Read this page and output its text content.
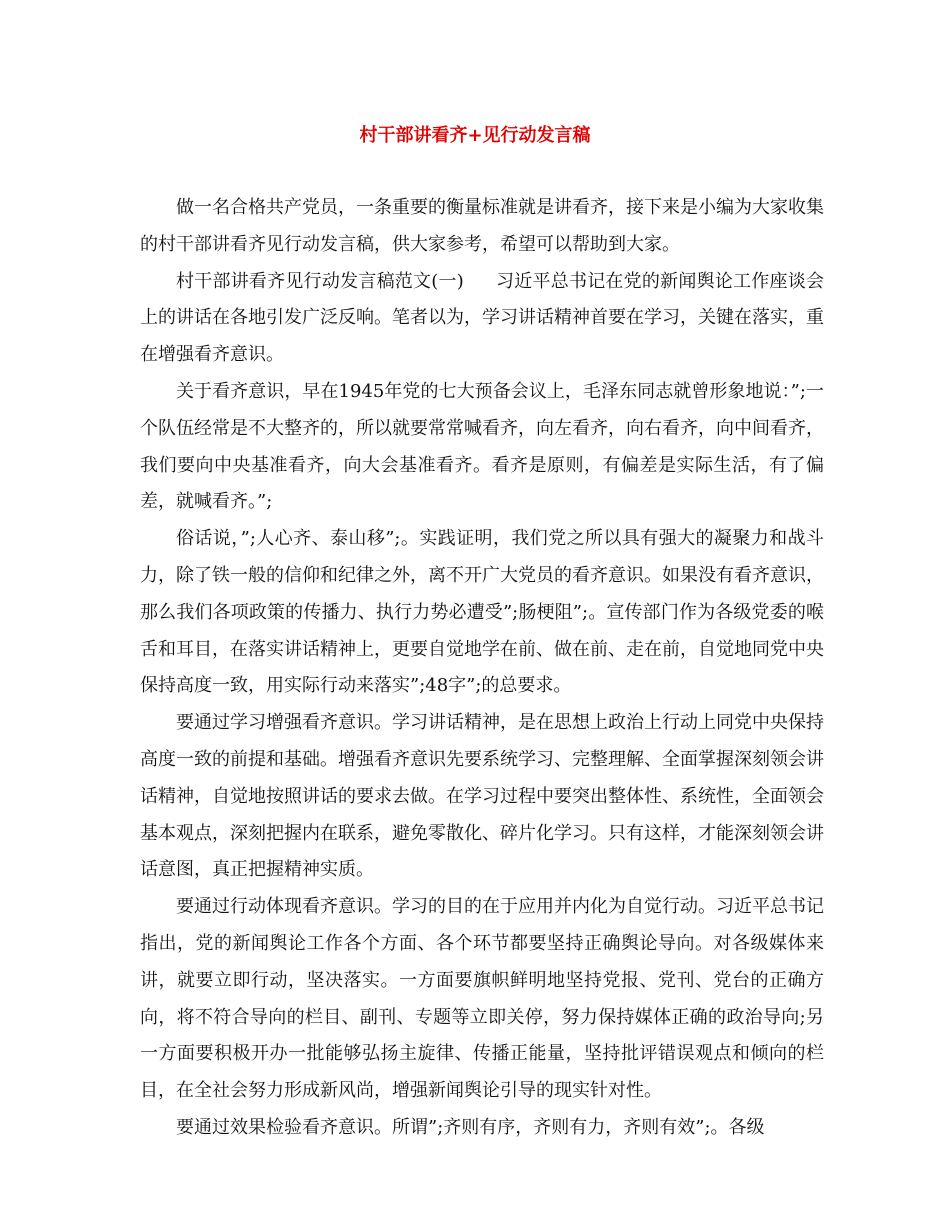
村干部讲看齐+见行动发言稿

做一名合格共产党员，一条重要的衡量标准就是讲看齐，接下来是小编为大家收集的村干部讲看齐见行动发言稿，供大家参考，希望可以帮助到大家。

村干部讲看齐见行动发言稿范文(一) 习近平总书记在党的新闻舆论工作座谈会上的讲话在各地引发广泛反响。笔者以为，学习讲话精神首要在学习，关键在落实，重在增强看齐意识。

关于看齐意识，早在1945年党的七大预备会议上，毛泽东同志就曾形象地说：”;一个队伍经常是不大整齐的，所以就要常常喊看齐，向左看齐，向右看齐，向中间看齐，我们要向中央基准看齐，向大会基准看齐。看齐是原则，有偏差是实际生活，有了偏差，就喊看齐。”;

俗话说，”;人心齐、泰山移”;。实践证明，我们党之所以具有强大的凝聚力和战斗力，除了铁一般的信仰和纪律之外，离不开广大党员的看齐意识。如果没有看齐意识，那么我们各项政策的传播力、执行力势必遭受”;肠梗阻”;。宣传部门作为各级党委的喉舌和耳目，在落实讲话精神上，更要自觉地学在前、做在前、走在前，自觉地同党中央保持高度一致，用实际行动来落实”;48字”;的总要求。

要通过学习增强看齐意识。学习讲话精神，是在思想上政治上行动上同党中央保持高度一致的前提和基础。增强看齐意识先要系统学习、完整理解、全面掌握深刻领会讲话精神，自觉地按照讲话的要求去做。在学习过程中要突出整体性、系统性，全面领会基本观点，深刻把握内在联系，避免零散化、碎片化学习。只有这样，才能深刻领会讲话意图，真正把握精神实质。

要通过行动体现看齐意识。学习的目的在于应用并内化为自觉行动。习近平总书记指出，党的新闻舆论工作各个方面、各个环节都要坚持正确舆论导向。对各级媒体来讲，就要立即行动，坚决落实。一方面要旗帜鲜明地坚持党报、党刊、党台的正确方向，将不符合导向的栏目、副刊、专题等立即关停，努力保持媒体正确的政治导向;另一方面要积极开办一批能够弘扬主旋律、传播正能量，坚持批评错误观点和倾向的栏目，在全社会努力形成新风尚，增强新闻舆论引导的现实针对性。

要通过效果检验看齐意识。所谓”;齐则有序，齐则有力，齐则有效”;。各级
